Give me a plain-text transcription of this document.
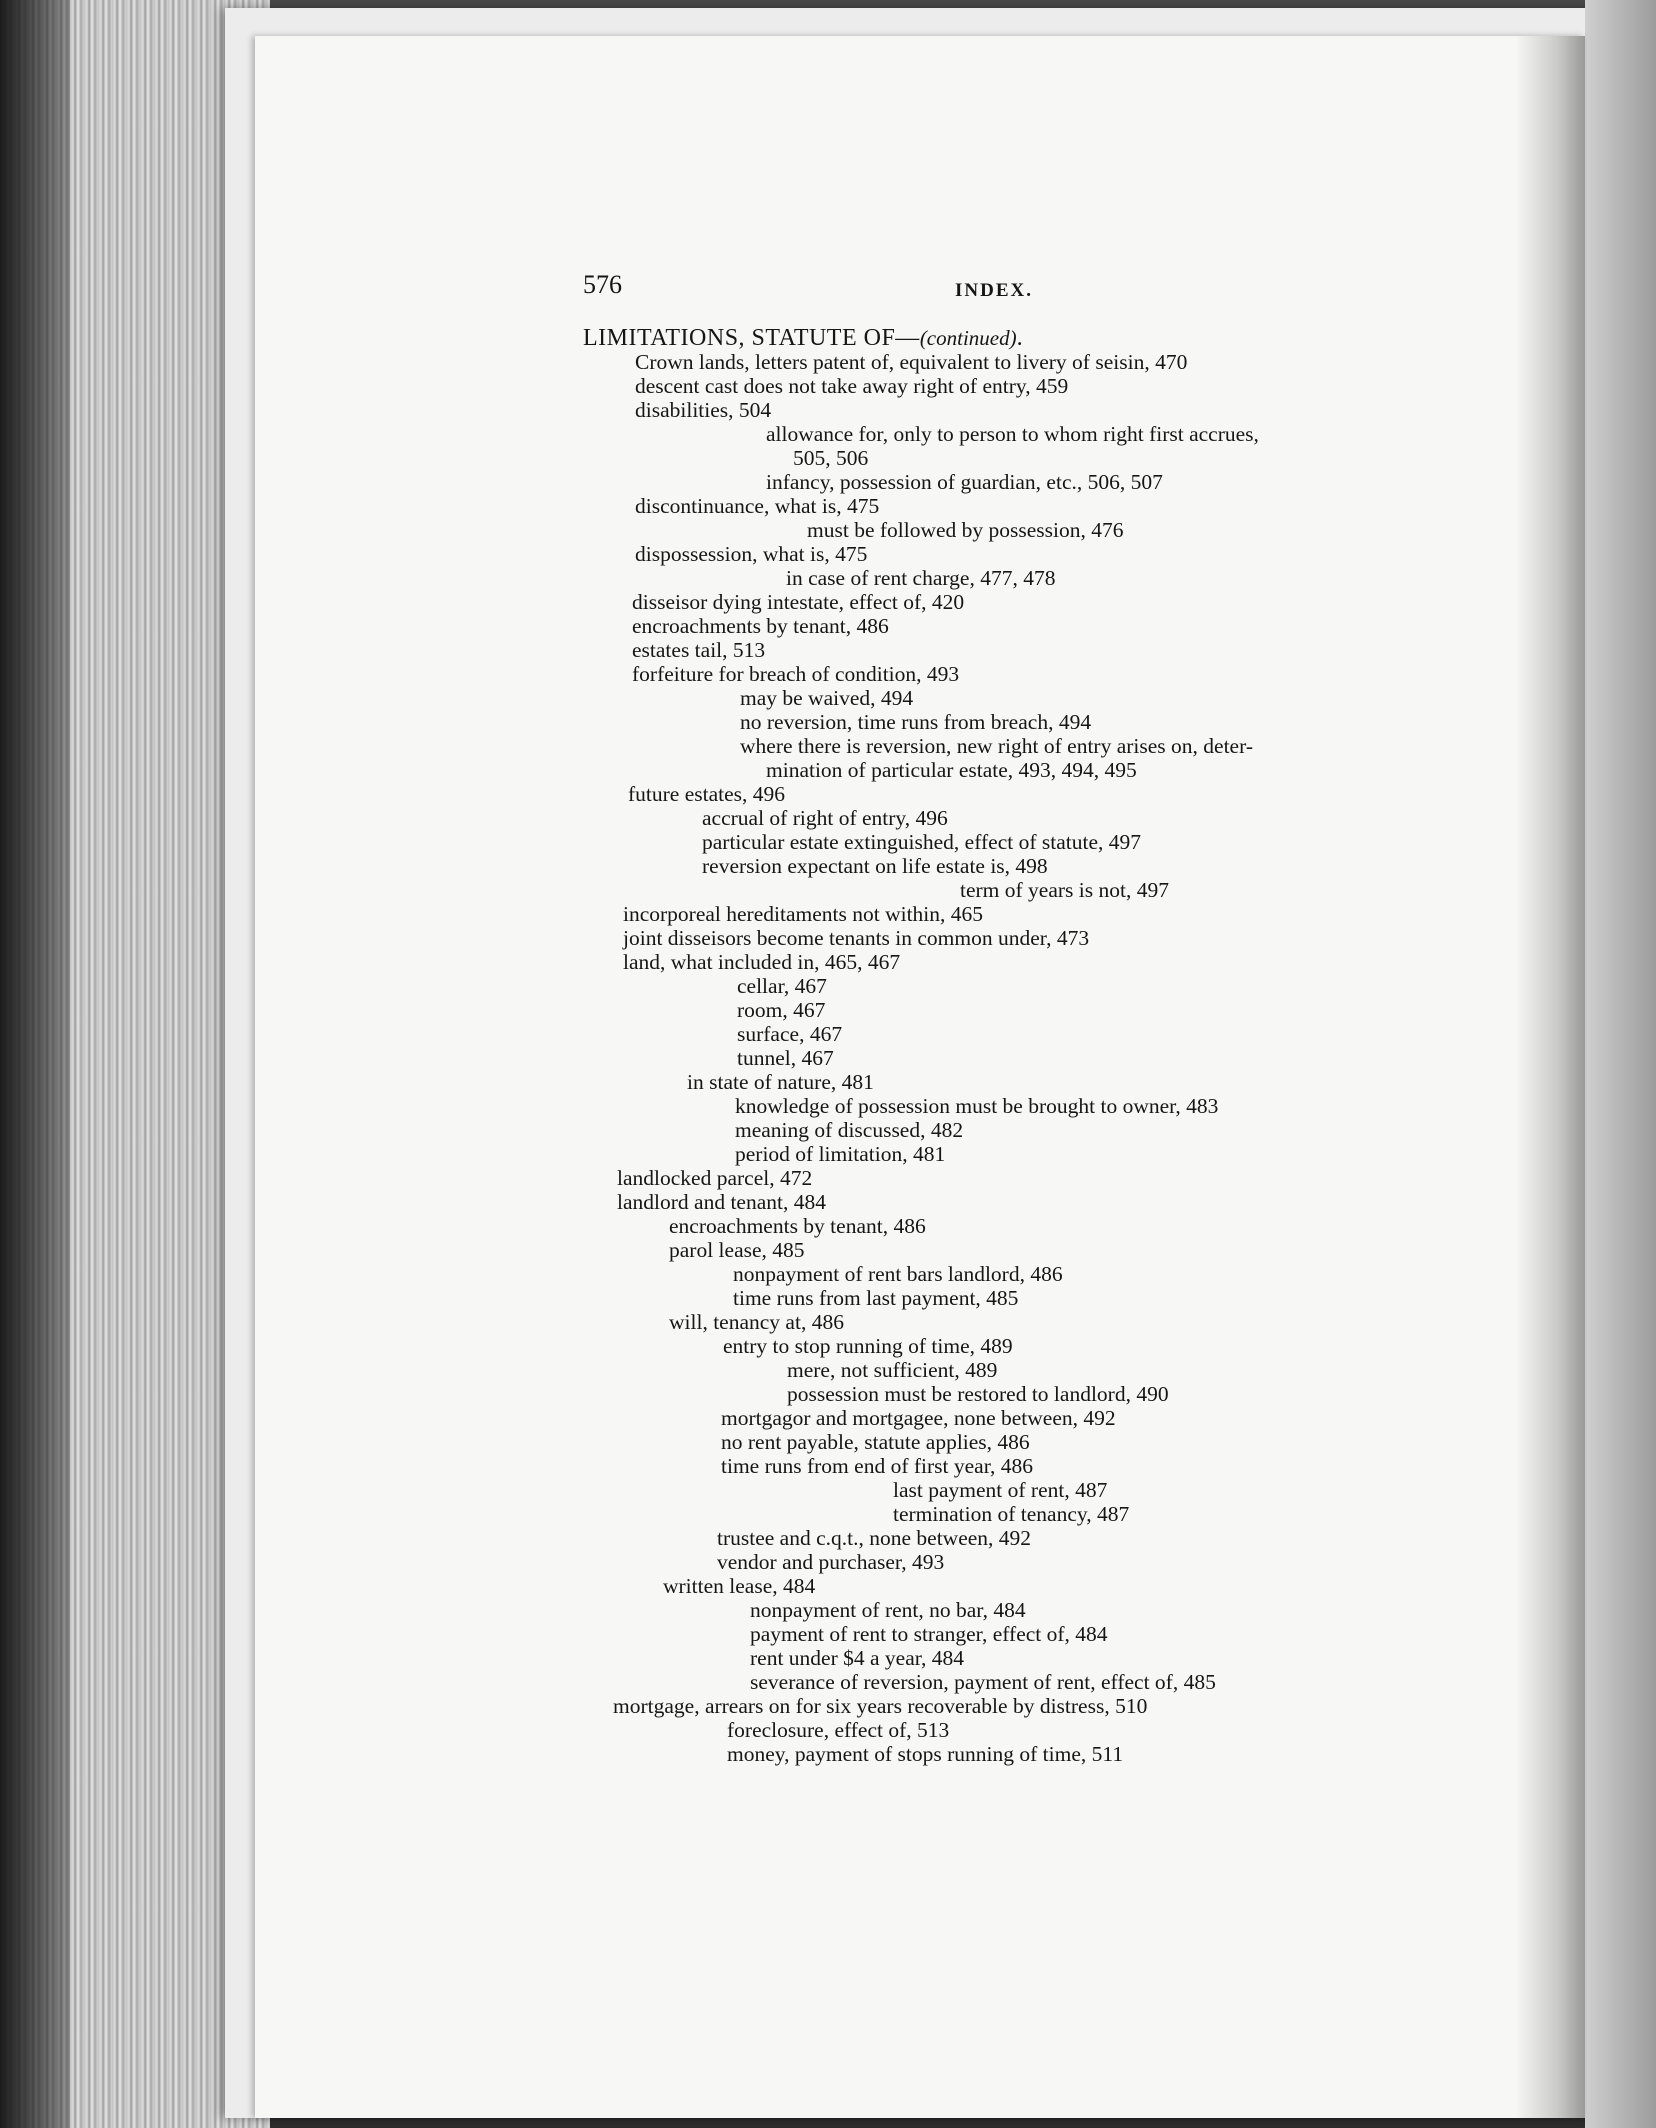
576	INDEX.
LIMITATIONS, STATUTE OF—(continued).
Crown lands, letters patent of, equivalent to livery of seisin, 470
descent cast does not take away right of entry, 459
disabilities, 504
allowance for, only to person to whom right first accrues,
505, 506
infancy, possession of guardian, etc., 506, 507
discontinuance, what is, 475
must be followed by possession, 476
dispossession, what is, 475
in case of rent charge, 477, 478
disseisor dying intestate, effect of, 420
encroachments by tenant, 486
estates tail, 513
forfeiture for breach of condition, 493
may be waived, 494
no reversion, time runs from breach, 494
where there is reversion, new right of entry arises on, deter-
mination of particular estate, 493, 494, 495
future estates, 496
accrual of right of entry, 496
particular estate extinguished, effect of statute, 497
reversion expectant on life estate is, 498
term of years is not, 497
incorporeal hereditaments not within, 465
joint disseisors become tenants in common under, 473
land, what included in, 465, 467
cellar, 467
room, 467
surface, 467
tunnel, 467
in state of nature, 481
knowledge of possession must be brought to owner, 483
meaning of discussed, 482
period of limitation, 481
landlocked parcel, 472
landlord and tenant, 484
encroachments by tenant, 486
parol lease, 485
nonpayment of rent bars landlord, 486
time runs from last payment, 485
will, tenancy at, 486
entry to stop running of time, 489
mere, not sufficient, 489
possession must be restored to landlord, 490
mortgagor and mortgagee, none between, 492
no rent payable, statute applies, 486
time runs from end of first year, 486
last payment of rent, 487
termination of tenancy, 487
trustee and c.q.t., none between, 492
vendor and purchaser, 493
written lease, 484
nonpayment of rent, no bar, 484
payment of rent to stranger, effect of, 484
rent under $4 a year, 484
severance of reversion, payment of rent, effect of, 485
mortgage, arrears on for six years recoverable by distress, 510
foreclosure, effect of, 513
money, payment of stops running of time, 511
